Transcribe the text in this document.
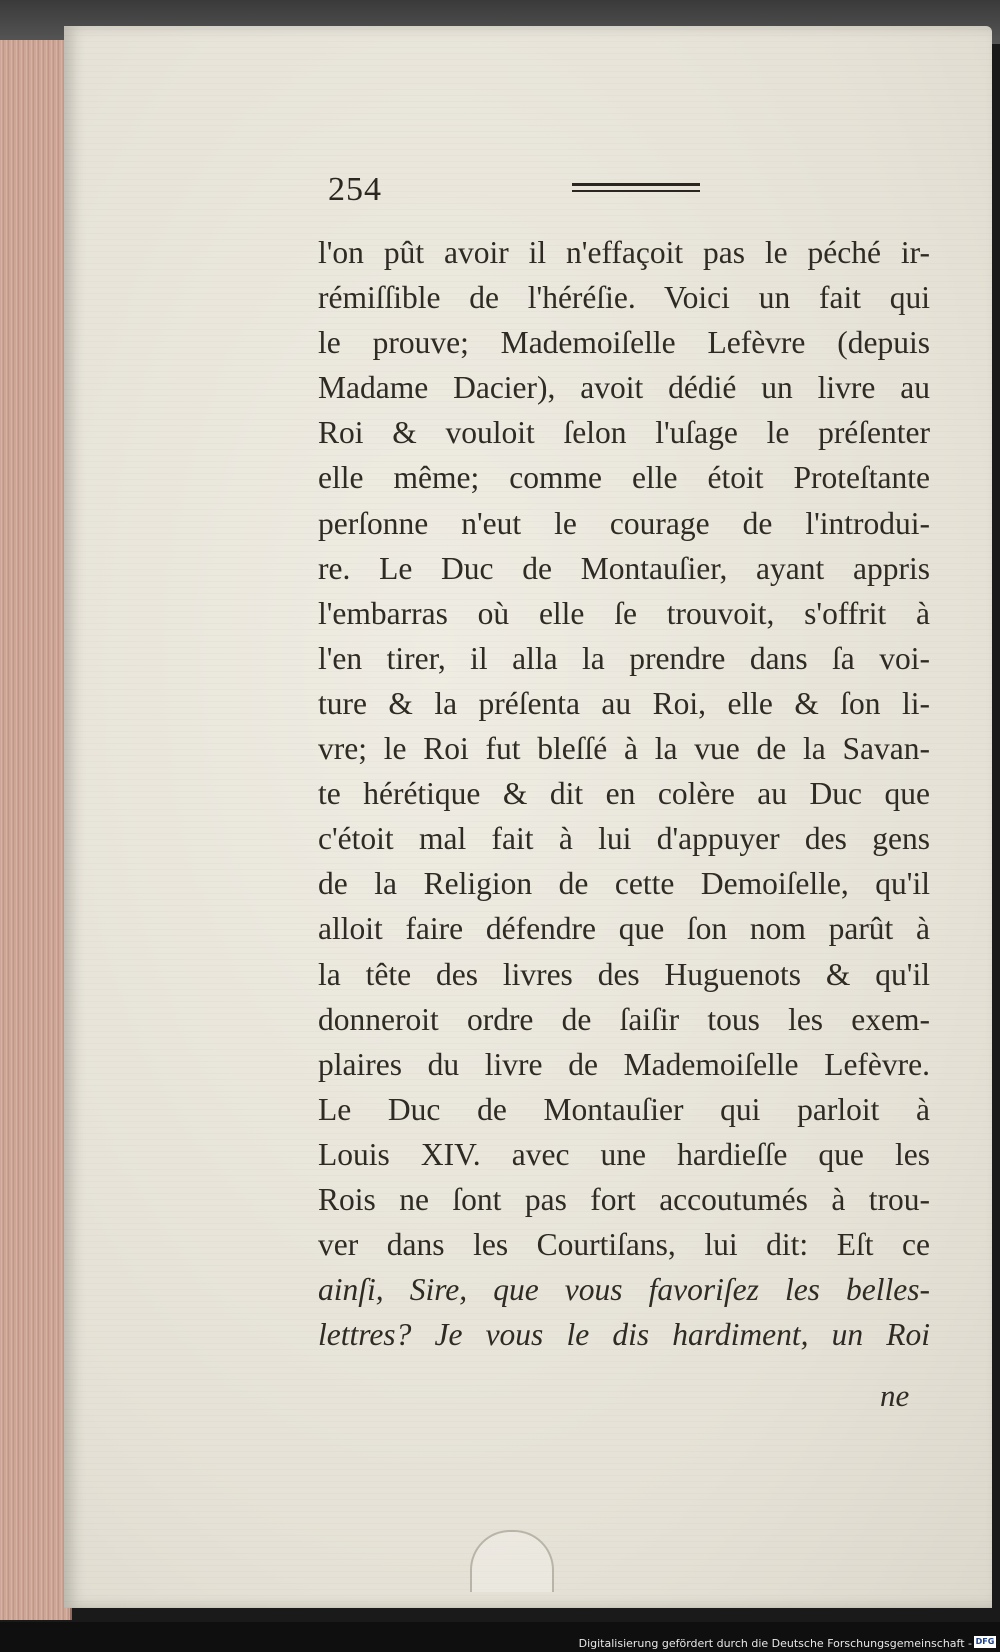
254
l'on pût avoir il n'effaçoit pas le péché ir-
rémiſſible de l'héréſie. Voici un fait qui
le prouve; Mademoiſelle Lefèvre (depuis
Madame Dacier), avoit dédié un livre au
Roi & vouloit ſelon l'uſage le préſenter
elle même; comme elle étoit Proteſtante
perſonne n'eut le courage de l'introdui-
re. Le Duc de Montauſier, ayant appris
l'embarras où elle ſe trouvoit, s'offrit à
l'en tirer, il alla la prendre dans ſa voi-
ture & la préſenta au Roi, elle & ſon li-
vre; le Roi fut bleſſé à la vue de la Savan-
te hérétique & dit en colère au Duc que
c'étoit mal fait à lui d'appuyer des gens
de la Religion de cette Demoiſelle, qu'il
alloit faire défendre que ſon nom parût à
la tête des livres des Huguenots & qu'il
donneroit ordre de ſaiſir tous les exem-
plaires du livre de Mademoiſelle Lefèvre.
Le Duc de Montauſier qui parloit à
Louis XIV. avec une hardieſſe que les
Rois ne ſont pas fort accoutumés à trou-
ver dans les Courtiſans, lui dit: Eſt ce
ainſi, Sire, que vous favoriſez les belles-
lettres? Je vous le dis hardiment, un Roi
ne
Digitalisierung gefördert durch die Deutsche Forschungsgemeinschaft - DFG
